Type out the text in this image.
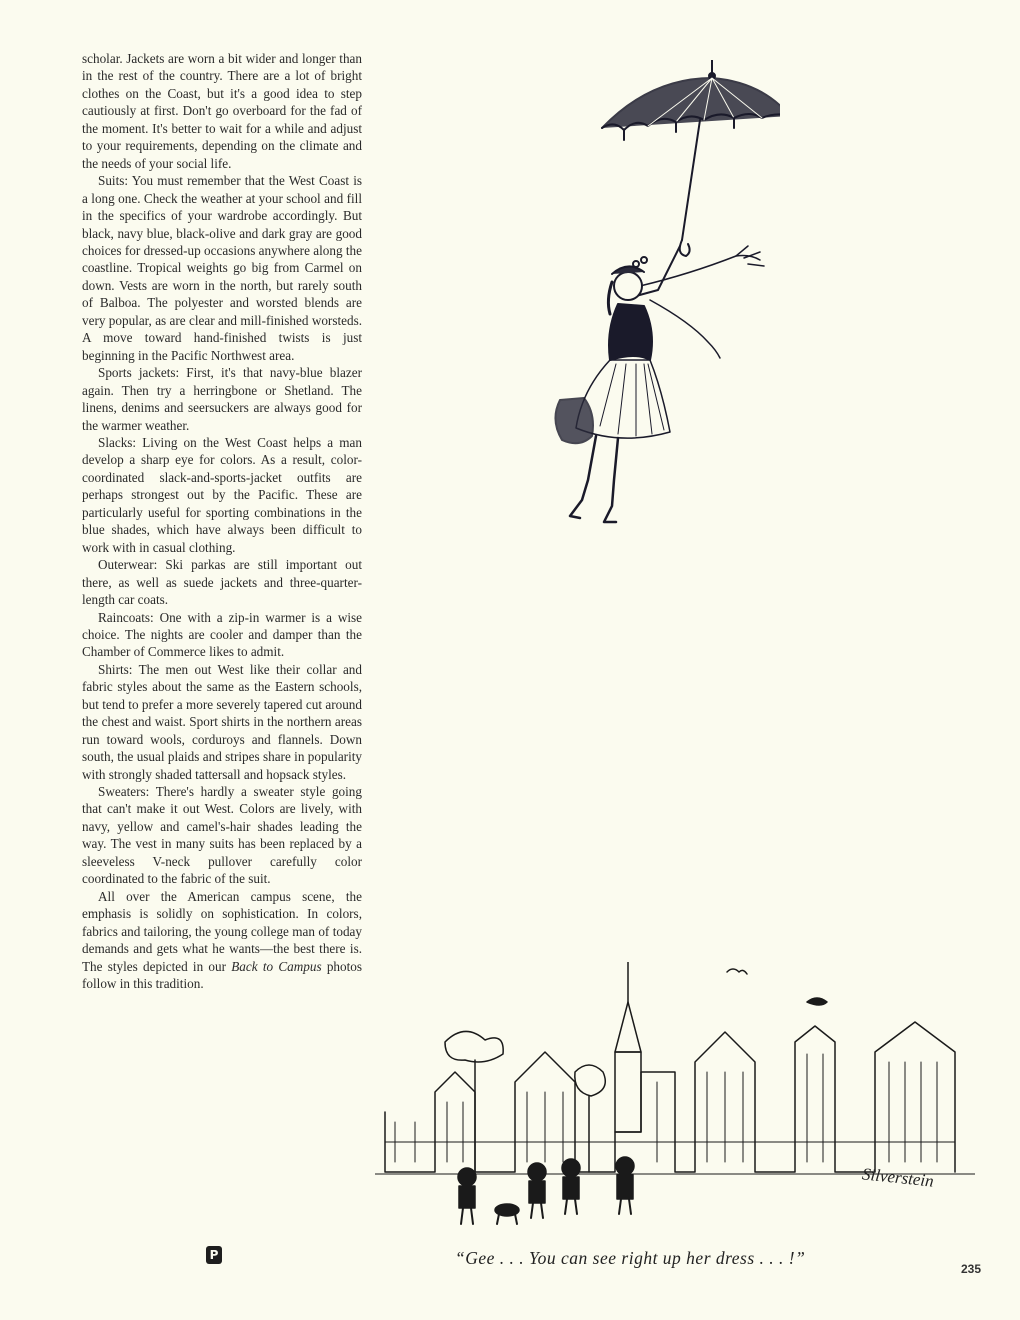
scholar. Jackets are worn a bit wider and longer than in the rest of the country. There are a lot of bright clothes on the Coast, but it's a good idea to step cautiously at first. Don't go overboard for the fad of the moment. It's better to wait for a while and adjust to your requirements, depending on the climate and the needs of your social life.

Suits: You must remember that the West Coast is a long one. Check the weather at your school and fill in the specifics of your wardrobe accordingly. But black, navy blue, black-olive and dark gray are good choices for dressed-up occasions anywhere along the coastline. Tropical weights go big from Carmel on down. Vests are worn in the north, but rarely south of Balboa. The polyester and worsted blends are very popular, as are clear and mill-finished worsteds. A move toward hand-finished twists is just beginning in the Pacific Northwest area.

Sports jackets: First, it's that navy-blue blazer again. Then try a herringbone or Shetland. The linens, denims and seersuckers are always good for the warmer weather.

Slacks: Living on the West Coast helps a man develop a sharp eye for colors. As a result, color-coordinated slack-and-sports-jacket outfits are perhaps strongest out by the Pacific. These are particularly useful for sporting combinations in the blue shades, which have always been difficult to work with in casual clothing.

Outerwear: Ski parkas are still important out there, as well as suede jackets and three-quarter-length car coats.

Raincoats: One with a zip-in warmer is a wise choice. The nights are cooler and damper than the Chamber of Commerce likes to admit.

Shirts: The men out West like their collar and fabric styles about the same as the Eastern schools, but tend to prefer a more severely tapered cut around the chest and waist. Sport shirts in the northern areas run toward wools, corduroys and flannels. Down south, the usual plaids and stripes share in popularity with strongly shaded tattersall and hopsack styles.

Sweaters: There's hardly a sweater style going that can't make it out West. Colors are lively, with navy, yellow and camel's-hair shades leading the way. The vest in many suits has been replaced by a sleeveless V-neck pullover carefully color coordinated to the fabric of the suit.

All over the American campus scene, the emphasis is solidly on sophistication. In colors, fabrics and tailoring, the young college man of today demands and gets what he wants—the best there is. The styles depicted in our Back to Campus photos follow in this tradition.

P
Silverstein
“Gee . . . You can see right up her dress . . . !”
235
